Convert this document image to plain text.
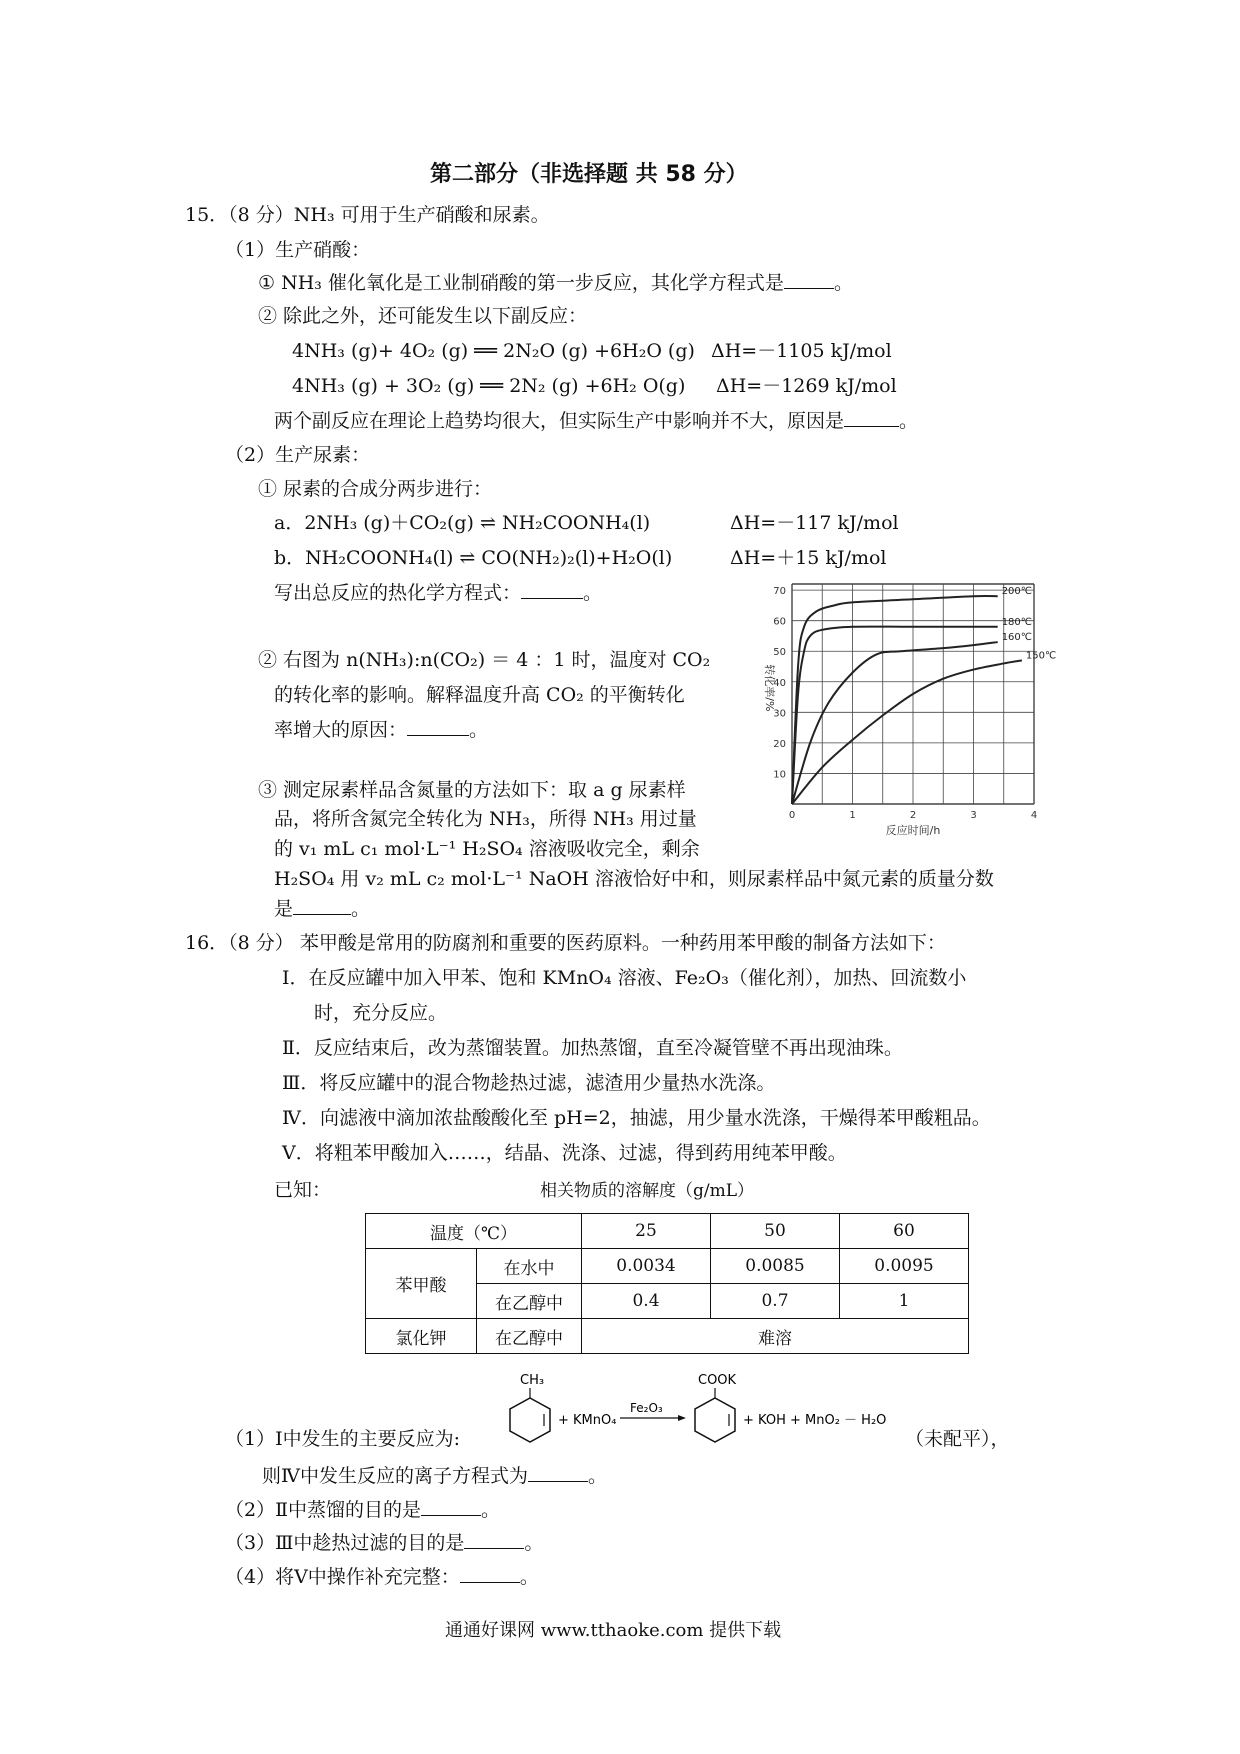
第二部分（非选择题 共 58 分）
15．（8 分）NH₃ 可用于生产硝酸和尿素。
（1）生产硝酸：
① NH₃ 催化氧化是工业制硝酸的第一步反应，其化学方程式是	。
② 除此之外，还可能发生以下副反应：
4NH₃ (g)+ 4O₂ (g) ══ 2N₂O (g) +6H₂O (g) ΔH=－1105 kJ/mol
4NH₃ (g) + 3O₂ (g) ══ 2N₂ (g) +6H₂ O(g) ΔH=－1269 kJ/mol
两个副反应在理论上趋势均很大，但实际生产中影响并不大，原因是	。
（2）生产尿素：
① 尿素的合成分两步进行：
a．2NH₃ (g)＋CO₂(g) ⇌ NH₂COONH₄(l)	ΔH=－117 kJ/mol
b．NH₂COONH₄(l) ⇌ CO(NH₂)₂(l)+H₂O(l)	ΔH=＋15 kJ/mol
写出总反应的热化学方程式：	。
② 右图为 n(NH₃):n(CO₂) ＝ 4 ：1 时，温度对 CO₂
的转化率的影响。解释温度升高 CO₂ 的平衡转化
率增大的原因：	。
③ 测定尿素样品含氮量的方法如下：取 a g 尿素样
品，将所含氮完全转化为 NH₃，所得 NH₃ 用过量
的 v₁ mL c₁ mol·L⁻¹ H₂SO₄ 溶液吸收完全，剩余
H₂SO₄ 用 v₂ mL c₂ mol·L⁻¹ NaOH 溶液恰好中和，则尿素样品中氮元素的质量分数
是	。
10
20
30
40
50
60
70
0	1	2	3	4
反应时间/h
转化率/%
200℃
180℃
160℃
150℃
16．（8 分） 苯甲酸是常用的防腐剂和重要的医药原料。一种药用苯甲酸的制备方法如下：
Ⅰ．在反应罐中加入甲苯、饱和 KMnO₄ 溶液、Fe₂O₃（催化剂），加热、回流数小
时，充分反应。
Ⅱ．反应结束后，改为蒸馏装置。加热蒸馏，直至冷凝管壁不再出现油珠。
Ⅲ．将反应罐中的混合物趁热过滤，滤渣用少量热水洗涤。
Ⅳ．向滤液中滴加浓盐酸酸化至 pH=2，抽滤，用少量水洗涤，干燥得苯甲酸粗品。
Ⅴ．将粗苯甲酸加入……，结晶、洗涤、过滤，得到药用纯苯甲酸。
已知：	相关物质的溶解度（g/mL）
温度（℃）		25	50	60
苯甲酸	在水中	0.0034	0.0085	0.0095
	在乙醇中	0.4	0.7	1
氯化钾	在乙醇中	难溶		
（1）Ⅰ中发生的主要反应为:
CH₃
+ KMnO₄
Fe₂O₃
COOK
+ KOH + MnO₂ － H₂O
（未配平），
则Ⅳ中发生反应的离子方程式为	。
（2）Ⅱ中蒸馏的目的是	。
（3）Ⅲ中趁热过滤的目的是	。
（4）将Ⅴ中操作补充完整：	。
通通好课网 www.tthaoke.com 提供下载
